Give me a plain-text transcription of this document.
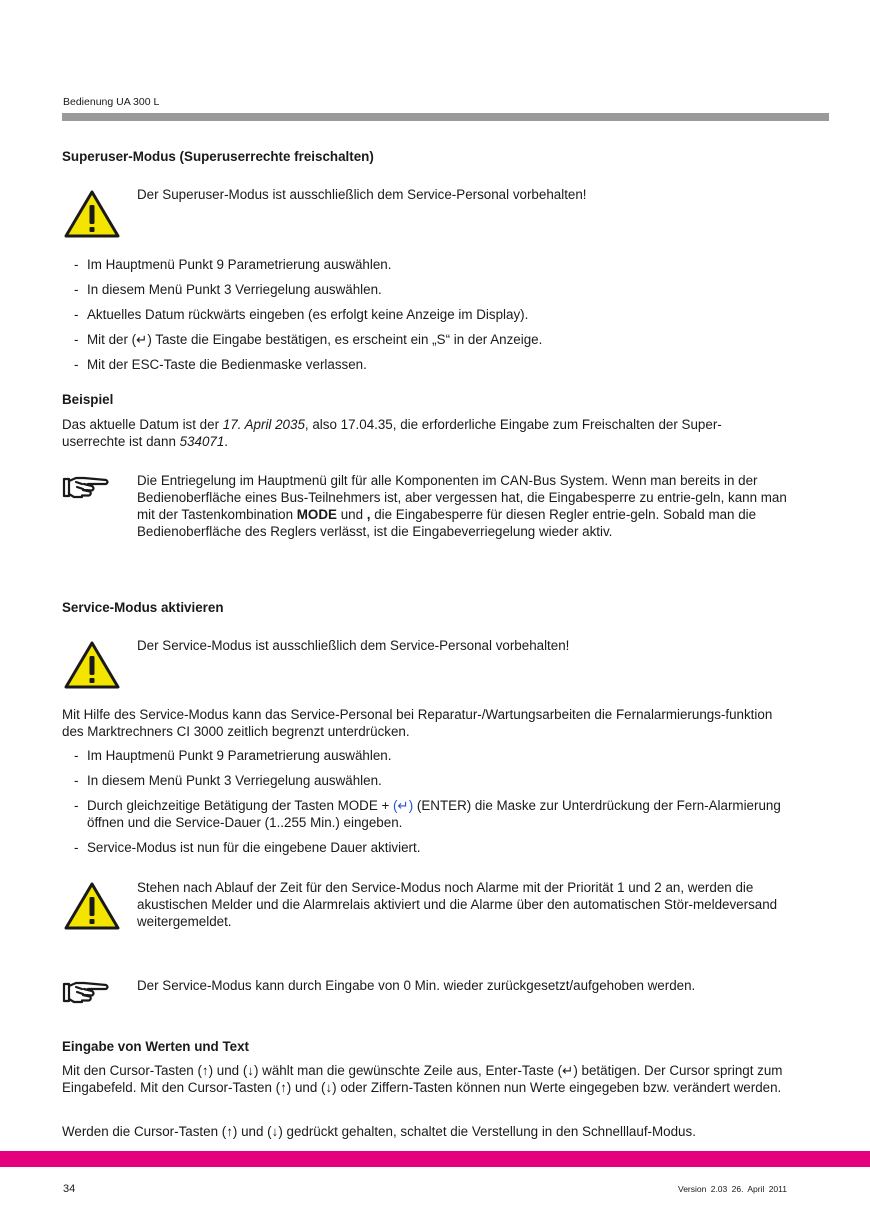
Bedienung UA 300 L
Superuser-Modus (Superuserrechte freischalten)
Der Superuser-Modus ist ausschließlich dem Service-Personal vorbehalten!
- Im Hauptmenü Punkt 9 Parametrierung auswählen.
- In diesem Menü Punkt 3 Verriegelung auswählen.
- Aktuelles Datum rückwärts eingeben (es erfolgt keine Anzeige im Display).
- Mit der (↵) Taste die Eingabe bestätigen, es erscheint ein „S“ in der Anzeige.
- Mit der ESC-Taste die Bedienmaske verlassen.
Beispiel
Das aktuelle Datum ist der 17. April 2035, also 17.04.35, die erforderliche Eingabe zum Freischalten der Super-
userrechte ist dann 534071.
Die Entriegelung im Hauptmenü gilt für alle Komponenten im CAN-Bus System. Wenn man bereits in der Bedienoberfläche eines Bus-Teilnehmers ist, aber vergessen hat, die Eingabesperre zu entrie-geln, kann man mit der Tastenkombination MODE und , die Eingabesperre für diesen Regler entrie-geln. Sobald man die Bedienoberfläche des Reglers verlässt, ist die Eingabeverriegelung wieder aktiv.
Service-Modus aktivieren
Der Service-Modus ist ausschließlich dem Service-Personal vorbehalten!
Mit Hilfe des Service-Modus kann das Service-Personal bei Reparatur-/Wartungsarbeiten die Fernalarmierungs-funktion des Marktrechners CI 3000 zeitlich begrenzt unterdrücken.
- Im Hauptmenü Punkt 9 Parametrierung auswählen.
- In diesem Menü Punkt 3 Verriegelung auswählen.
- Durch gleichzeitige Betätigung der Tasten MODE + (↵) (ENTER) die Maske zur Unterdrückung der Fern-Alarmierung öffnen und die Service-Dauer (1..255 Min.) eingeben.
- Service-Modus ist nun für die eingebene Dauer aktiviert.
Stehen nach Ablauf der Zeit für den Service-Modus noch Alarme mit der Priorität 1 und 2 an, werden die akustischen Melder und die Alarmrelais aktiviert und die Alarme über den automatischen Stör-meldeversand weitergemeldet.
Der Service-Modus kann durch Eingabe von 0 Min. wieder zurückgesetzt/aufgehoben werden.
Eingabe von Werten und Text
Mit den Cursor-Tasten (↑) und (↓) wählt man die gewünschte Zeile aus, Enter-Taste (↵) betätigen. Der Cursor springt zum Eingabefeld. Mit den Cursor-Tasten (↑) und (↓) oder Ziffern-Tasten können nun Werte eingegeben bzw. verändert werden.
Werden die Cursor-Tasten (↑) und (↓) gedrückt gehalten, schaltet die Verstellung in den Schnelllauf-Modus.
34	Version 2.03 26. April 2011
